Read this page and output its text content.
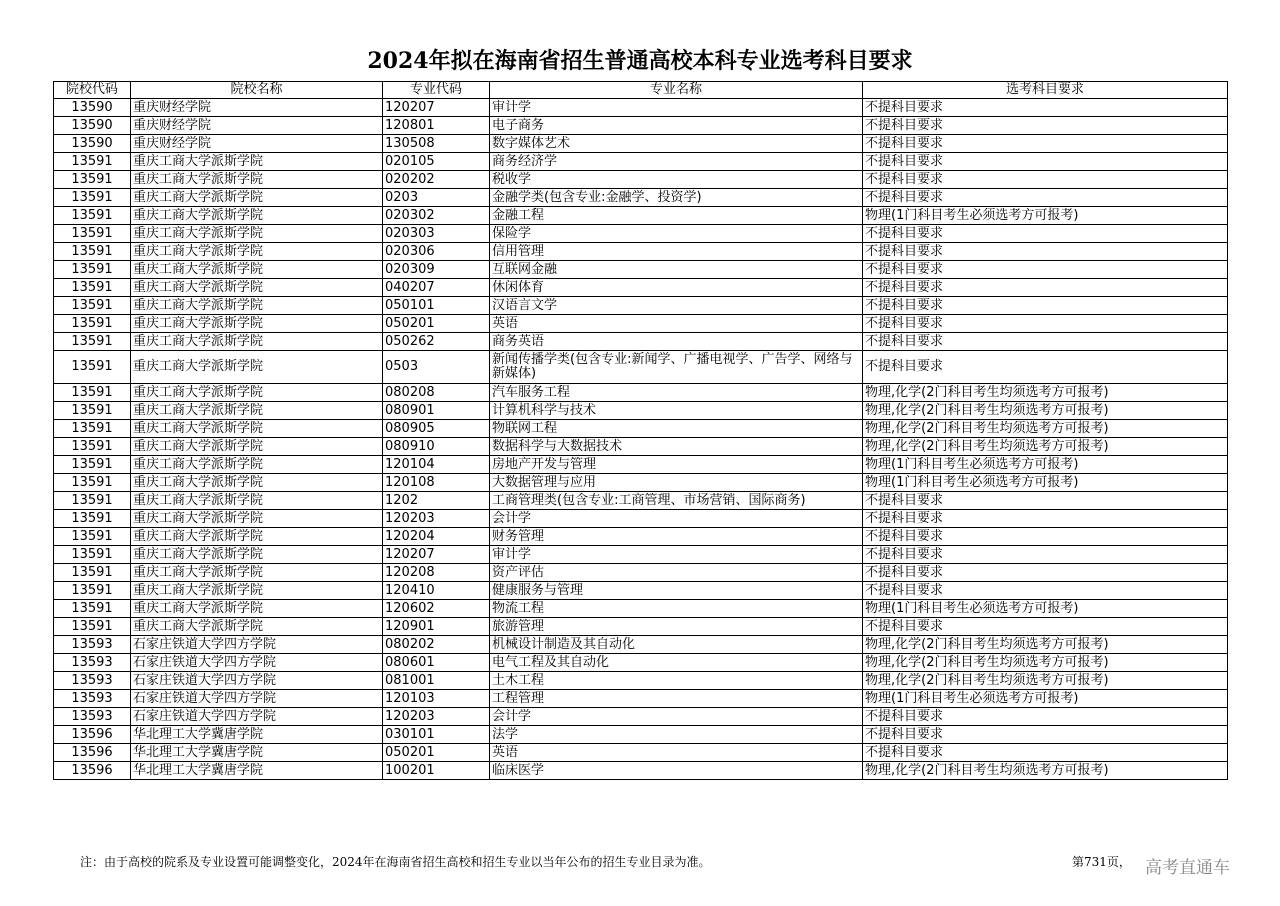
2024年拟在海南省招生普通高校本科专业选考科目要求
院校代码	院校名称	专业代码	专业名称	选考科目要求
13590	重庆财经学院	120207	审计学	不提科目要求
13590	重庆财经学院	120801	电子商务	不提科目要求
13590	重庆财经学院	130508	数字媒体艺术	不提科目要求
13591	重庆工商大学派斯学院	020105	商务经济学	不提科目要求
13591	重庆工商大学派斯学院	020202	税收学	不提科目要求
13591	重庆工商大学派斯学院	0203	金融学类(包含专业:金融学、投资学)	不提科目要求
13591	重庆工商大学派斯学院	020302	金融工程	物理(1门科目考生必须选考方可报考)
13591	重庆工商大学派斯学院	020303	保险学	不提科目要求
13591	重庆工商大学派斯学院	020306	信用管理	不提科目要求
13591	重庆工商大学派斯学院	020309	互联网金融	不提科目要求
13591	重庆工商大学派斯学院	040207	休闲体育	不提科目要求
13591	重庆工商大学派斯学院	050101	汉语言文学	不提科目要求
13591	重庆工商大学派斯学院	050201	英语	不提科目要求
13591	重庆工商大学派斯学院	050262	商务英语	不提科目要求
13591	重庆工商大学派斯学院	0503	新闻传播学类(包含专业:新闻学、广播电视学、广告学、网络与新媒体)	不提科目要求
13591	重庆工商大学派斯学院	080208	汽车服务工程	物理,化学(2门科目考生均须选考方可报考)
13591	重庆工商大学派斯学院	080901	计算机科学与技术	物理,化学(2门科目考生均须选考方可报考)
13591	重庆工商大学派斯学院	080905	物联网工程	物理,化学(2门科目考生均须选考方可报考)
13591	重庆工商大学派斯学院	080910	数据科学与大数据技术	物理,化学(2门科目考生均须选考方可报考)
13591	重庆工商大学派斯学院	120104	房地产开发与管理	物理(1门科目考生必须选考方可报考)
13591	重庆工商大学派斯学院	120108	大数据管理与应用	物理(1门科目考生必须选考方可报考)
13591	重庆工商大学派斯学院	1202	工商管理类(包含专业:工商管理、市场营销、国际商务)	不提科目要求
13591	重庆工商大学派斯学院	120203	会计学	不提科目要求
13591	重庆工商大学派斯学院	120204	财务管理	不提科目要求
13591	重庆工商大学派斯学院	120207	审计学	不提科目要求
13591	重庆工商大学派斯学院	120208	资产评估	不提科目要求
13591	重庆工商大学派斯学院	120410	健康服务与管理	不提科目要求
13591	重庆工商大学派斯学院	120602	物流工程	物理(1门科目考生必须选考方可报考)
13591	重庆工商大学派斯学院	120901	旅游管理	不提科目要求
13593	石家庄铁道大学四方学院	080202	机械设计制造及其自动化	物理,化学(2门科目考生均须选考方可报考)
13593	石家庄铁道大学四方学院	080601	电气工程及其自动化	物理,化学(2门科目考生均须选考方可报考)
13593	石家庄铁道大学四方学院	081001	土木工程	物理,化学(2门科目考生均须选考方可报考)
13593	石家庄铁道大学四方学院	120103	工程管理	物理(1门科目考生必须选考方可报考)
13593	石家庄铁道大学四方学院	120203	会计学	不提科目要求
13596	华北理工大学冀唐学院	030101	法学	不提科目要求
13596	华北理工大学冀唐学院	050201	英语	不提科目要求
13596	华北理工大学冀唐学院	100201	临床医学	物理,化学(2门科目考生均须选考方可报考)
注：由于高校的院系及专业设置可能调整变化，2024年在海南省招生高校和招生专业以当年公布的招生专业目录为准。	第731页， 高考直通车
